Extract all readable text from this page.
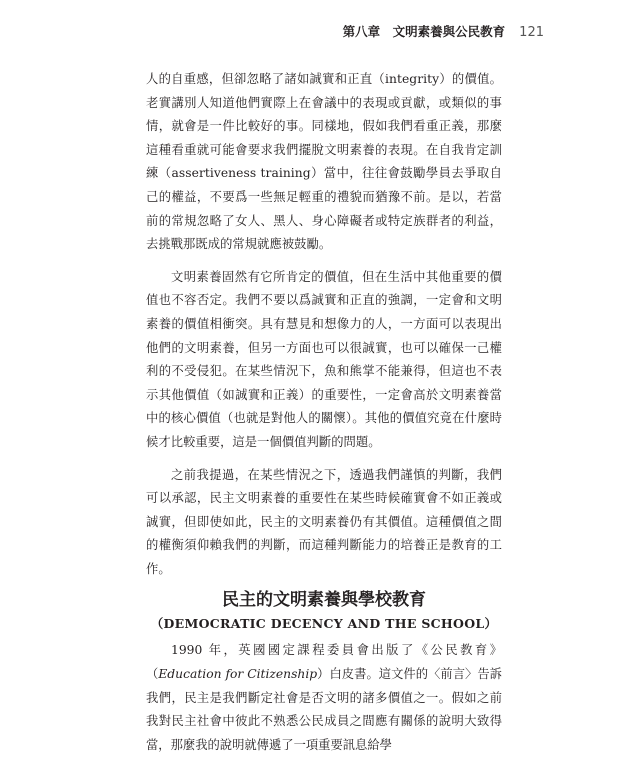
第八章　文明素養與公民教育 121

人的自重感，但卻忽略了諸如誠實和正直（integrity）的價值。老實講別人知道他們實際上在會議中的表現或貢獻，或類似的事情，就會是一件比較好的事。同樣地，假如我們看重正義，那麼這種看重就可能會要求我們擺脫文明素養的表現。在自我肯定訓練（assertiveness training）當中，往往會鼓勵學員去爭取自己的權益，不要爲一些無足輕重的禮貌而猶豫不前。是以，若當前的常規忽略了女人、黑人、身心障礙者或特定族群者的利益，去挑戰那既成的常規就應被鼓勵。

文明素養固然有它所肯定的價值，但在生活中其他重要的價值也不容否定。我們不要以爲誠實和正直的強調，一定會和文明素養的價值相衝突。具有慧見和想像力的人，一方面可以表現出他們的文明素養，但另一方面也可以很誠實，也可以確保一己權利的不受侵犯。在某些情況下，魚和熊掌不能兼得，但這也不表示其他價值（如誠實和正義）的重要性，一定會高於文明素養當中的核心價值（也就是對他人的關懷）。其他的價值究竟在什麼時候才比較重要，這是一個價值判斷的問題。

之前我提過，在某些情況之下，透過我們謹慎的判斷，我們可以承認，民主文明素養的重要性在某些時候確實會不如正義或誠實，但即使如此，民主的文明素養仍有其價值。這種價值之間的權衡須仰賴我們的判斷，而這種判斷能力的培養正是教育的工作。

民主的文明素養與學校教育
（DEMOCRATIC DECENCY AND THE SCHOOL）

1990 年，英國國定課程委員會出版了《公民教育》（Education for Citizenship）白皮書。這文件的〈前言〉告訴我們，民主是我們斷定社會是否文明的諸多價值之一。假如之前我對民主社會中彼此不熟悉公民成員之間應有關係的說明大致得當，那麼我的說明就傳遞了一項重要訊息給學
